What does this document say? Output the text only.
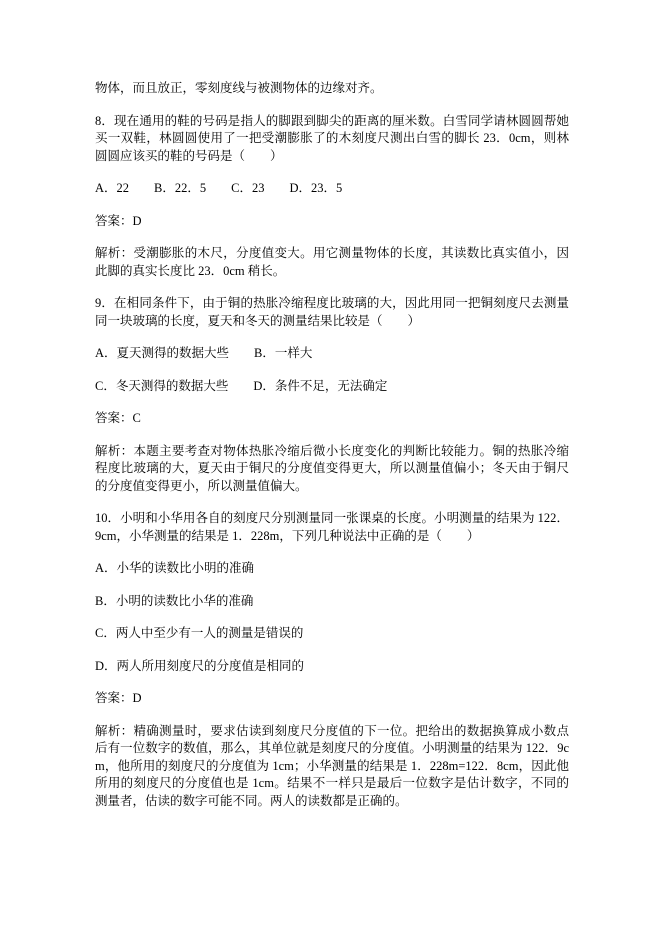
物体，而且放正，零刻度线与被测物体的边缘对齐。

8．现在通用的鞋的号码是指人的脚跟到脚尖的距离的厘米数。白雪同学请林圆圆帮她买一双鞋，林圆圆使用了一把受潮膨胀了的木刻度尺测出白雪的脚长 23．0cm，则林圆圆应该买的鞋的号码是（　　）

A．22　　B．22．5　　C．23　　D．23．5

答案：D

解析：受潮膨胀的木尺，分度值变大。用它测量物体的长度，其读数比真实值小，因此脚的真实长度比 23．0cm 稍长。

9．在相同条件下，由于铜的热胀冷缩程度比玻璃的大，因此用同一把铜刻度尺去测量同一块玻璃的长度，夏天和冬天的测量结果比较是（　　）

A．夏天测得的数据大些　　B．一样大

C．冬天测得的数据大些　　D．条件不足，无法确定

答案：C

解析：本题主要考查对物体热胀冷缩后微小长度变化的判断比较能力。铜的热胀冷缩程度比玻璃的大，夏天由于铜尺的分度值变得更大，所以测量值偏小；冬天由于铜尺的分度值变得更小，所以测量值偏大。

10．小明和小华用各自的刻度尺分别测量同一张课桌的长度。小明测量的结果为 122．9cm，小华测量的结果是 1．228m，下列几种说法中正确的是（　　）

A．小华的读数比小明的准确

B．小明的读数比小华的准确

C．两人中至少有一人的测量是错误的

D．两人所用刻度尺的分度值是相同的

答案：D

解析：精确测量时，要求估读到刻度尺分度值的下一位。把给出的数据换算成小数点后有一位数字的数值，那么，其单位就是刻度尺的分度值。小明测量的结果为 122．9cm，他所用的刻度尺的分度值为 1cm；小华测量的结果是 1．228m=122．8cm，因此他所用的刻度尺的分度值也是 1cm。结果不一样只是最后一位数字是估计数字，不同的测量者，估读的数字可能不同。两人的读数都是正确的。
